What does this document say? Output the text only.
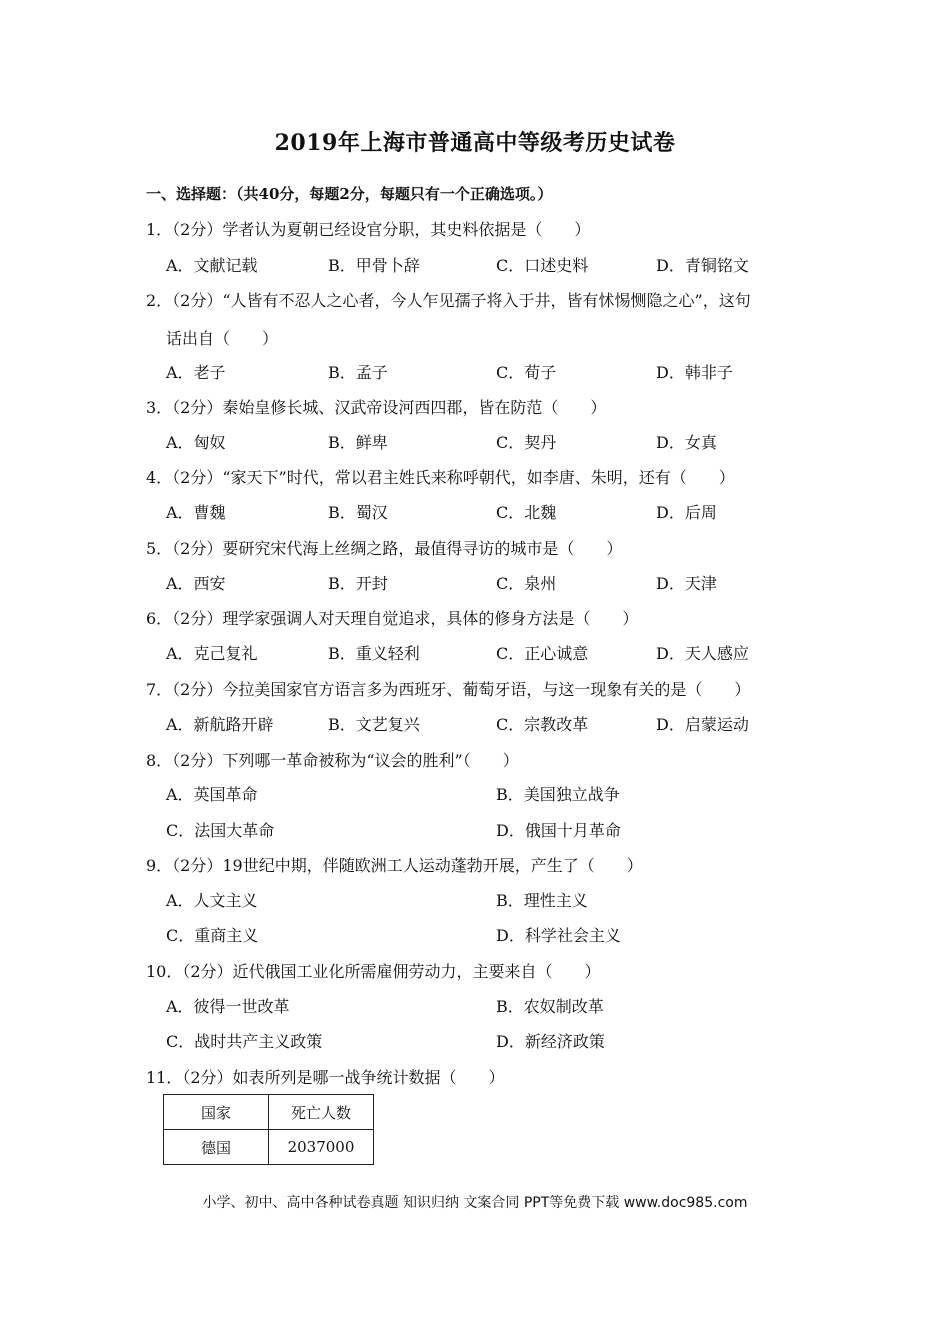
2019年上海市普通高中等级考历史试卷
一、选择题：（共40分，每题2分，每题只有一个正确选项。）
1．（2分）学者认为夏朝已经设官分职，其史料依据是（　　）
A．文献记载	B．甲骨卜辞	C．口述史料	D．青铜铭文
2．（2分）“人皆有不忍人之心者，今人乍见孺子将入于井，皆有怵惕恻隐之心”，这句
话出自（　　）
A．老子	B．孟子	C．荀子	D．韩非子
3．（2分）秦始皇修长城、汉武帝设河西四郡，皆在防范（　　）
A．匈奴	B．鲜卑	C．契丹	D．女真
4．（2分）“家天下”时代，常以君主姓氏来称呼朝代，如李唐、朱明，还有（　　）
A．曹魏	B．蜀汉	C．北魏	D．后周
5．（2分）要研究宋代海上丝绸之路，最值得寻访的城市是（　　）
A．西安	B．开封	C．泉州	D．天津
6．（2分）理学家强调人对天理自觉追求，具体的修身方法是（　　）
A．克己复礼	B．重义轻利	C．正心诚意	D．天人感应
7．（2分）今拉美国家官方语言多为西班牙、葡萄牙语，与这一现象有关的是（　　）
A．新航路开辟	B．文艺复兴	C．宗教改革	D．启蒙运动
8．（2分）下列哪一革命被称为“议会的胜利”（　　）
A．英国革命	B．美国独立战争
C．法国大革命	D．俄国十月革命
9．（2分）19世纪中期，伴随欧洲工人运动蓬勃开展，产生了（　　）
A．人文主义	B．理性主义
C．重商主义	D．科学社会主义
10．（2分）近代俄国工业化所需雇佣劳动力，主要来自（　　）
A．彼得一世改革	B．农奴制改革
C．战时共产主义政策	D．新经济政策
11．（2分）如表所列是哪一战争统计数据（　　）
国家	死亡人数
德国	2037000
小学、初中、高中各种试卷真题 知识归纳 文案合同 PPT等免费下载 www.doc985.com
